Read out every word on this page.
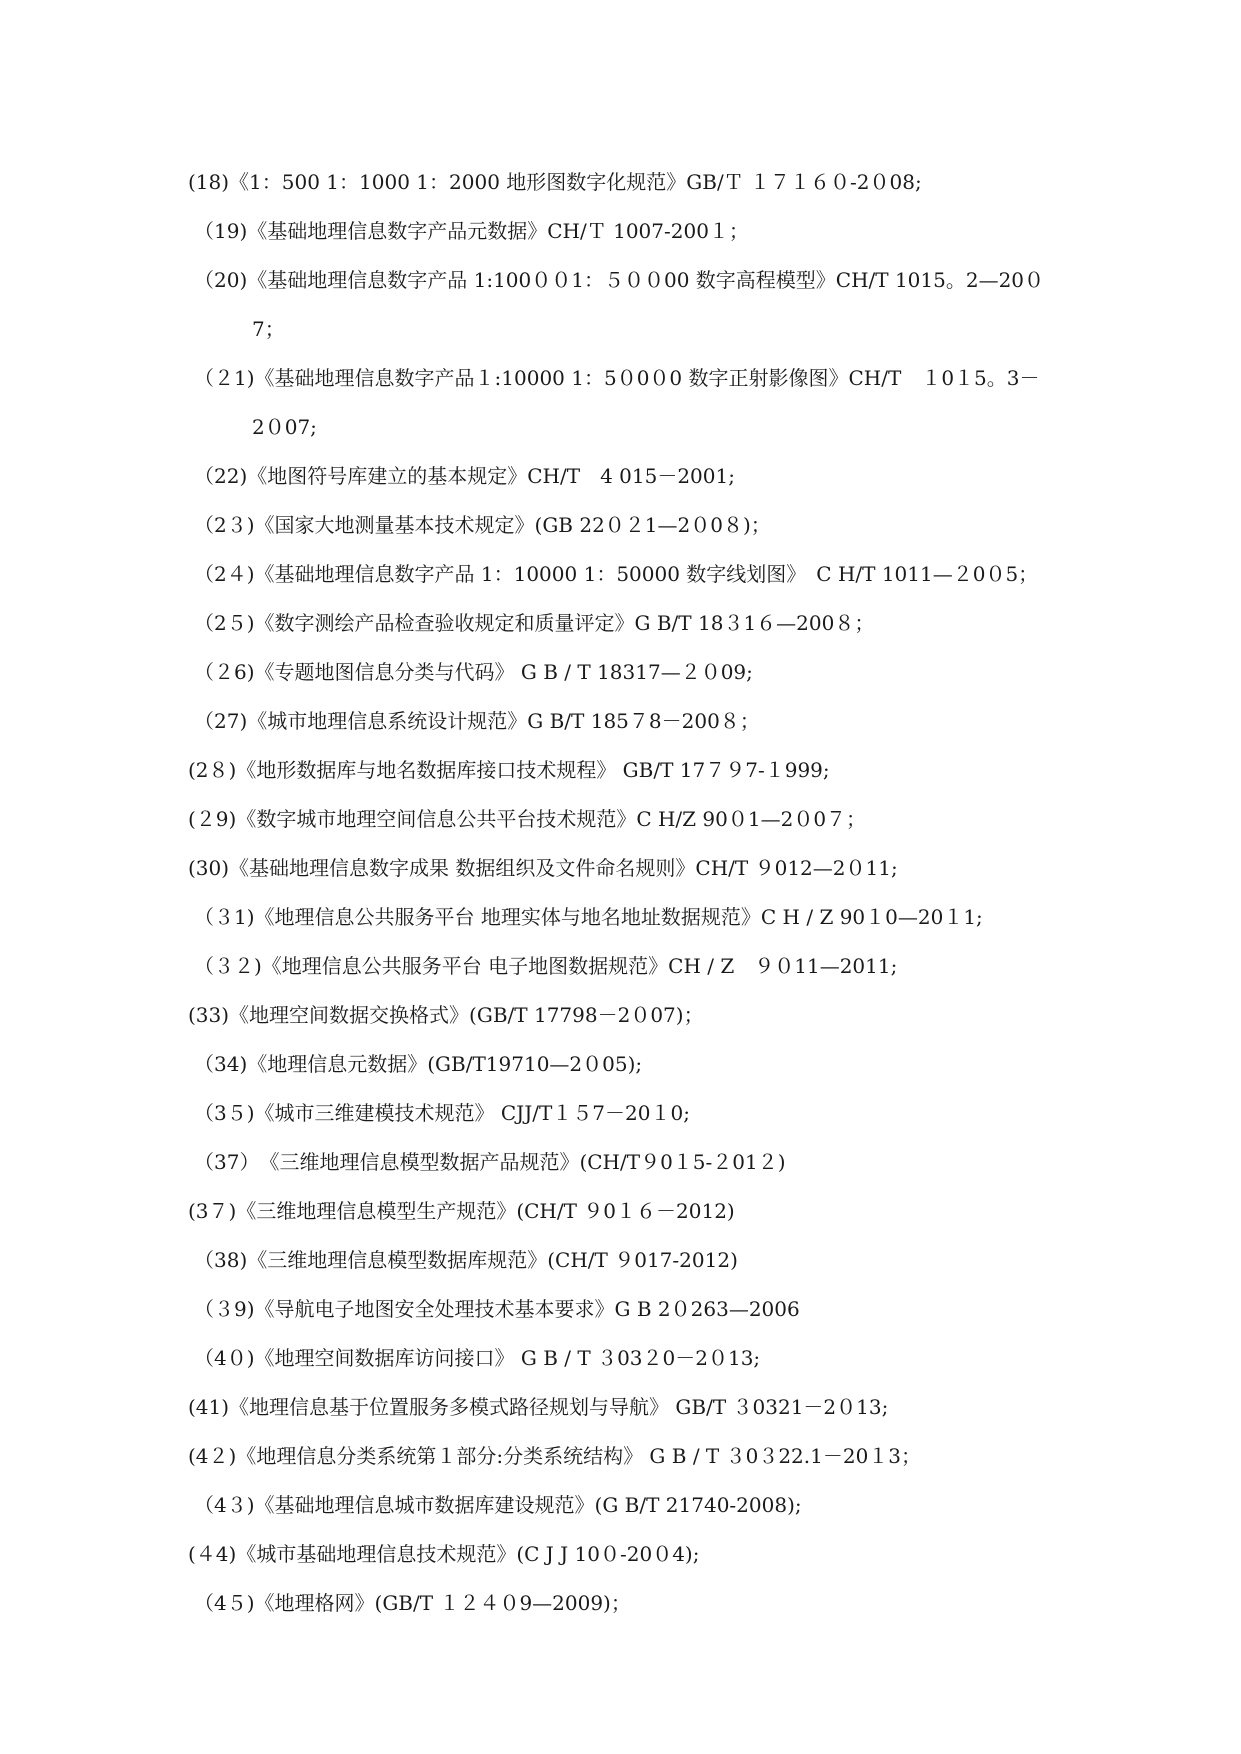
(18)《1：500 1：1000 1：2000 地形图数字化规范》GB/Ｔ １７１６０-2０08;
（19)《基础地理信息数字产品元数据》CH/Ｔ 1007-200１；
（20)《基础地理信息数字产品 1:100００1：５００00 数字高程模型》CH/T 1015。2—20０
7；
（２1)《基础地理信息数字产品１:10000 1：5０0０0 数字正射影像图》CH/T　１0１5。3－
2０07;
（22)《地图符号库建立的基本规定》CH/T　4 015－2001;
（2３)《国家大地测量基本技术规定》(GB 22０２1—2０0８)；
（2４)《基础地理信息数字产品 1：10000 1：50000 数字线划图》　C H/T 1011—２0０5；
（2５)《数字测绘产品检查验收规定和质量评定》G B/T 18３1６—200８；
（２6)《专题地图信息分类与代码》 G B / T 18317—２０09;
（27)《城市地理信息系统设计规范》G B/T 185７8－200８；
(2８)《地形数据库与地名数据库接口技术规程》 GB/T 17７９7-１999;
(２9)《数字城市地理空间信息公共平台技术规范》C H/Z 90０1—2０0７；
(30)《基础地理信息数字成果 数据组织及文件命名规则》CH/T ９012—2０11;
（３1)《地理信息公共服务平台 地理实体与地名地址数据规范》C H / Z 90１0—20１1;
（３２)《地理信息公共服务平台 电子地图数据规范》CH / Z　９０11—2011;
(33)《地理空间数据交换格式》(GB/T 17798－2０07)；
（34)《地理信息元数据》(GB/T19710—2０05);
（3５)《城市三维建模技术规范》 CJJ/T１５7－20１0;
（37）　《三维地理信息模型数据产品规范》(CH/T９0１5-２01２)
(3７)《三维地理信息模型生产规范》(CH/T ９0１６－2012)
（38)《三维地理信息模型数据库规范》(CH/T ９017-2012)
（３9)《导航电子地图安全处理技术基本要求》G B 2０263—2006
（4０)《地理空间数据库访问接口》 G B / T ３03２0－2０13;
(41)《地理信息基于位置服务多模式路径规划与导航》 GB/T ３0321－2０13;
(4２)《地理信息分类系统第１部分:分类系统结构》 G B / T ３0３22.1－20１3；
（4３)《基础地理信息城市数据库建设规范》(G B/T 21740-2008);
(４4)《城市基础地理信息技术规范》(C J J 10０-20０4);
（4５)《地理格网》(GB/T １２４０9—2009)；
